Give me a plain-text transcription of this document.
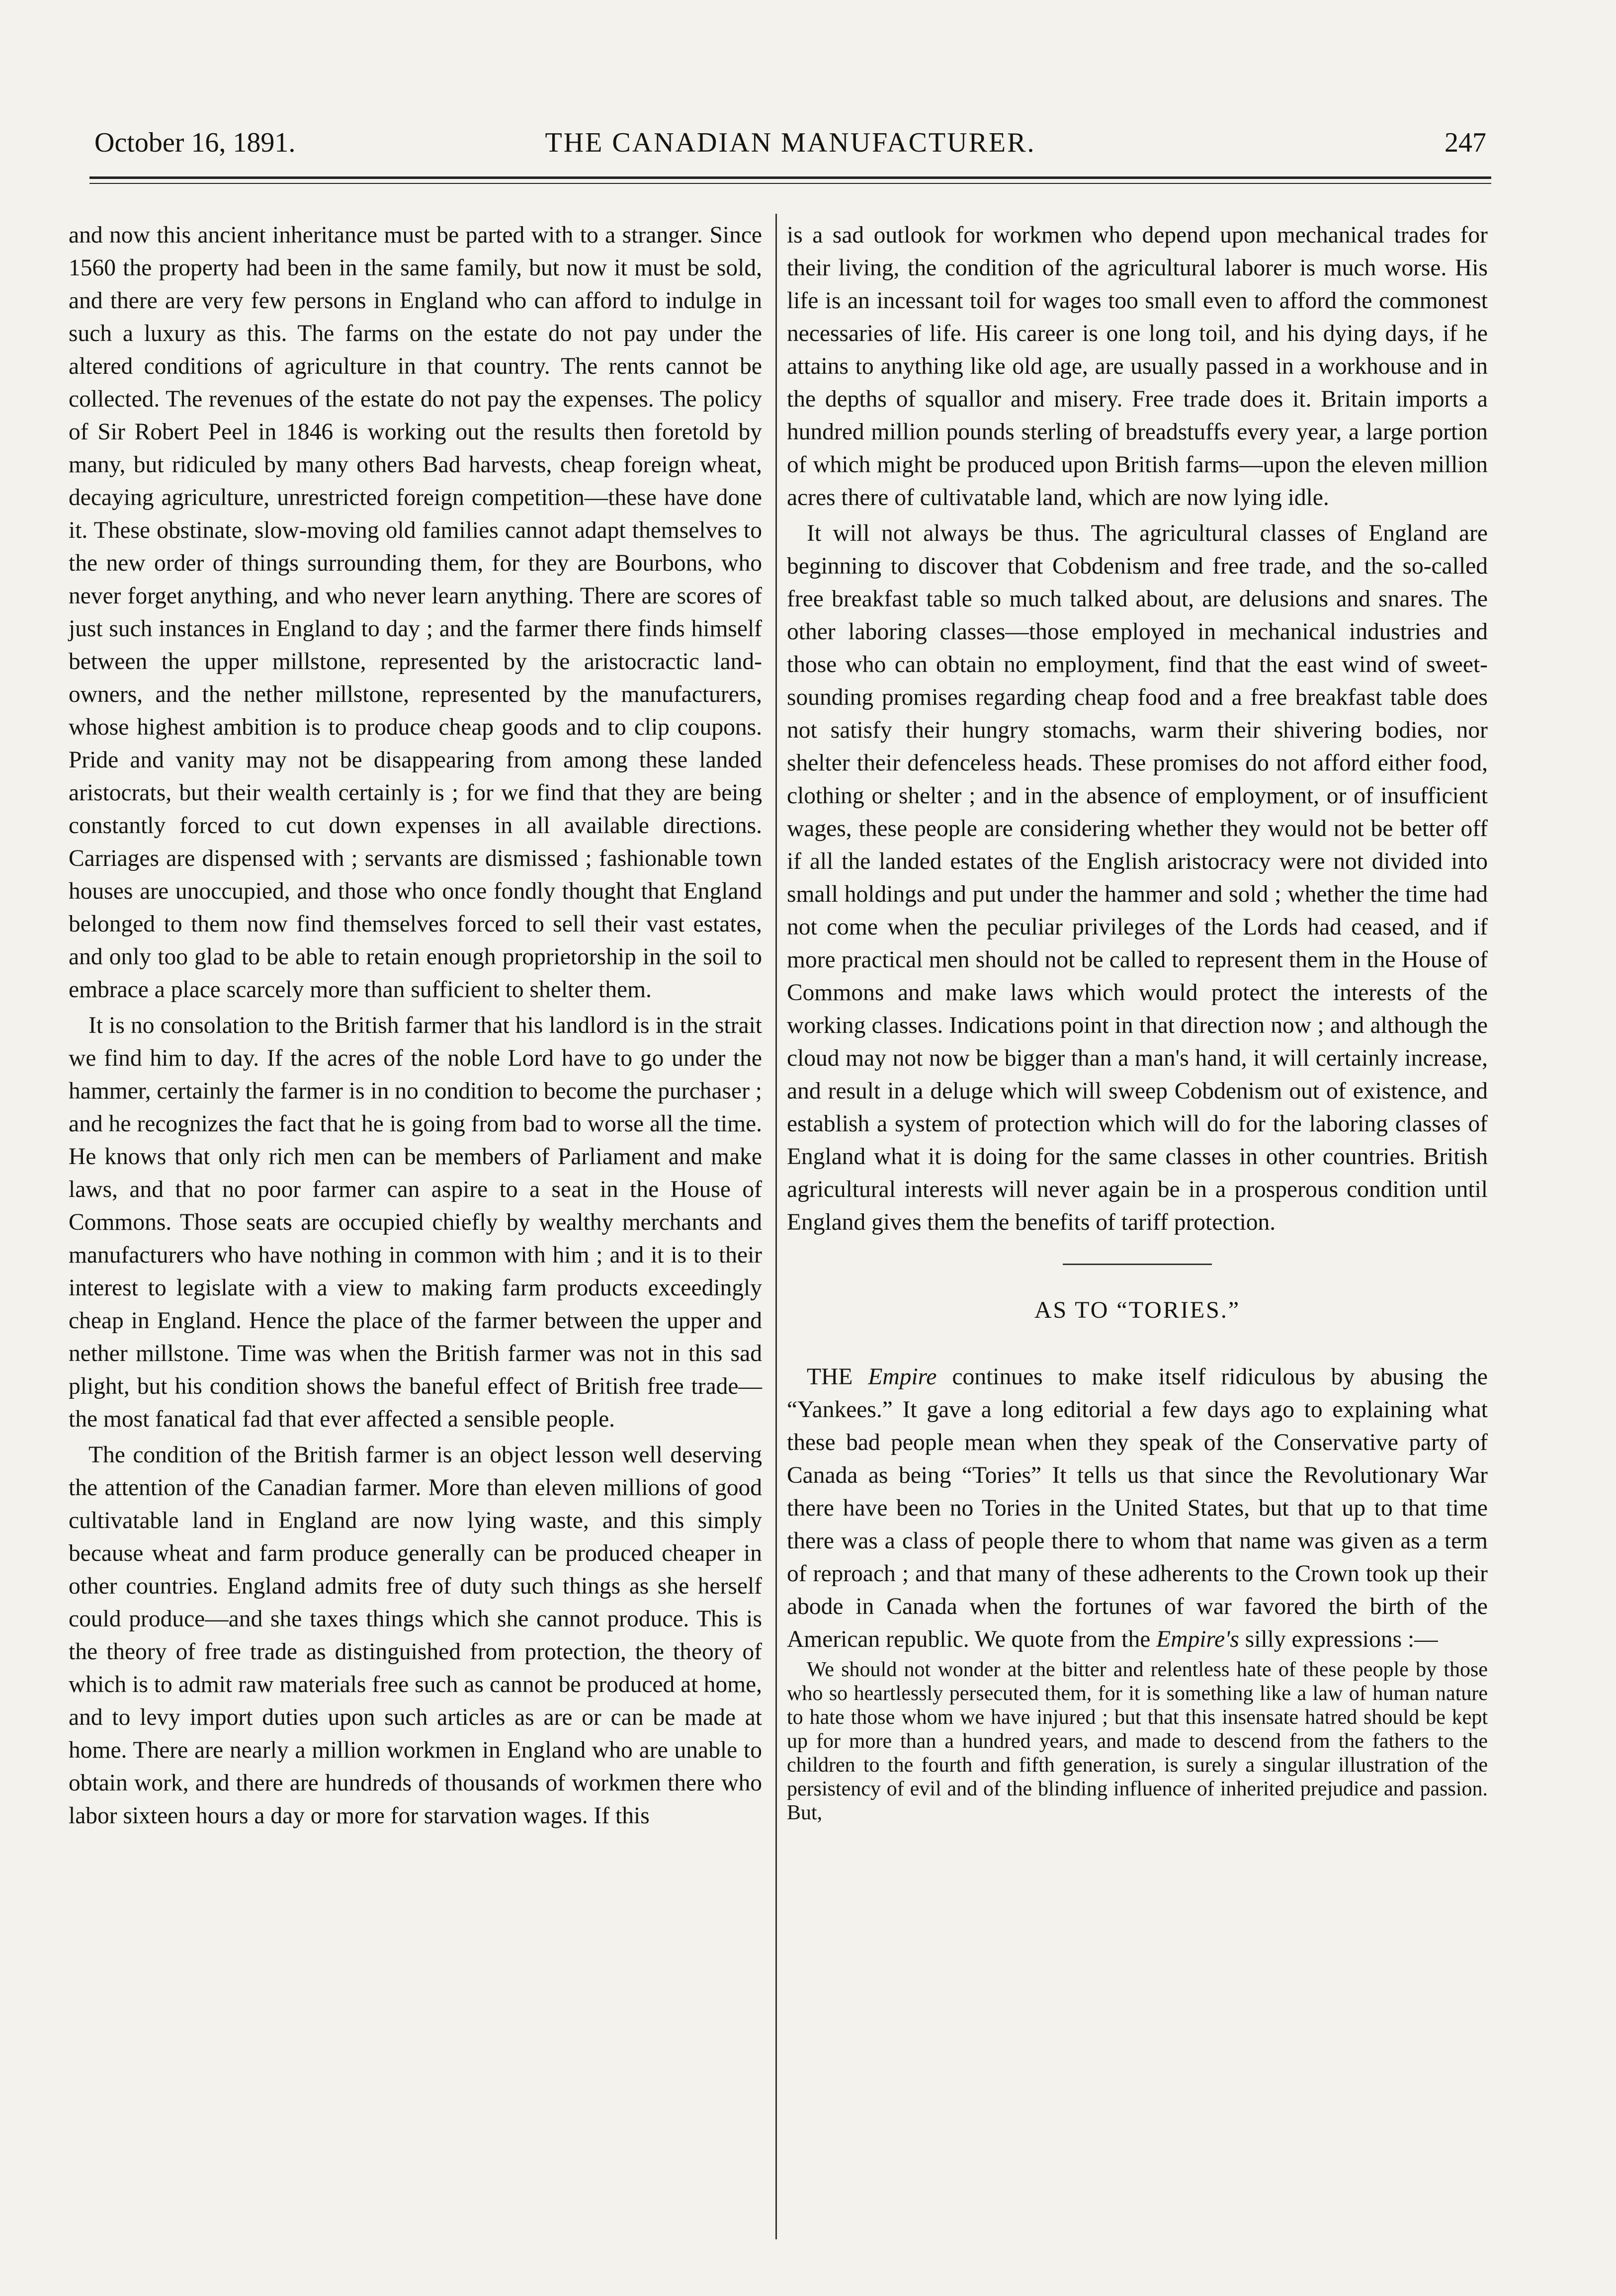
October 16, 1891.	THE CANADIAN MANUFACTURER.	247

and now this ancient inheritance must be parted with to a stranger. Since 1560 the property had been in the same family, but now it must be sold, and there are very few persons in England who can afford to indulge in such a luxury as this. The farms on the estate do not pay under the altered conditions of agriculture in that country. The rents cannot be collected. The revenues of the estate do not pay the expenses. The policy of Sir Robert Peel in 1846 is working out the results then foretold by many, but ridiculed by many others Bad harvests, cheap foreign wheat, decaying agriculture, unrestricted foreign competition—these have done it. These obstinate, slow-moving old families cannot adapt themselves to the new order of things surrounding them, for they are Bourbons, who never forget anything, and who never learn anything. There are scores of just such instances in England to day ; and the farmer there finds himself between the upper millstone, represented by the aristocractic land-owners, and the nether millstone, represented by the manufacturers, whose highest ambition is to produce cheap goods and to clip coupons. Pride and vanity may not be disappearing from among these landed aristocrats, but their wealth certainly is ; for we find that they are being constantly forced to cut down expenses in all available directions. Carriages are dispensed with ; servants are dismissed ; fashionable town houses are unoccupied, and those who once fondly thought that England belonged to them now find themselves forced to sell their vast estates, and only too glad to be able to retain enough proprietorship in the soil to embrace a place scarcely more than sufficient to shelter them.

It is no consolation to the British farmer that his landlord is in the strait we find him to day. If the acres of the noble Lord have to go under the hammer, certainly the farmer is in no condition to become the purchaser ; and he recognizes the fact that he is going from bad to worse all the time. He knows that only rich men can be members of Parliament and make laws, and that no poor farmer can aspire to a seat in the House of Commons. Those seats are occupied chiefly by wealthy merchants and manufacturers who have nothing in common with him ; and it is to their interest to legislate with a view to making farm products exceedingly cheap in England. Hence the place of the farmer between the upper and nether millstone. Time was when the British farmer was not in this sad plight, but his condition shows the baneful effect of British free trade—the most fanatical fad that ever affected a sensible people.

The condition of the British farmer is an object lesson well deserving the attention of the Canadian farmer. More than eleven millions of good cultivatable land in England are now lying waste, and this simply because wheat and farm produce generally can be produced cheaper in other countries. England admits free of duty such things as she herself could produce—and she taxes things which she cannot produce. This is the theory of free trade as distinguished from protection, the theory of which is to admit raw materials free such as cannot be produced at home, and to levy import duties upon such articles as are or can be made at home. There are nearly a million workmen in England who are unable to obtain work, and there are hundreds of thousands of workmen there who labor sixteen hours a day or more for starvation wages. If this

is a sad outlook for workmen who depend upon mechanical trades for their living, the condition of the agricultural laborer is much worse. His life is an incessant toil for wages too small even to afford the commonest necessaries of life. His career is one long toil, and his dying days, if he attains to anything like old age, are usually passed in a workhouse and in the depths of squallor and misery. Free trade does it. Britain imports a hundred million pounds sterling of breadstuffs every year, a large portion of which might be produced upon British farms—upon the eleven million acres there of cultivatable land, which are now lying idle.

It will not always be thus. The agricultural classes of England are beginning to discover that Cobdenism and free trade, and the so-called free breakfast table so much talked about, are delusions and snares. The other laboring classes—those employed in mechanical industries and those who can obtain no employment, find that the east wind of sweet-sounding promises regarding cheap food and a free breakfast table does not satisfy their hungry stomachs, warm their shivering bodies, nor shelter their defenceless heads. These promises do not afford either food, clothing or shelter ; and in the absence of employment, or of insufficient wages, these people are considering whether they would not be better off if all the landed estates of the English aristocracy were not divided into small holdings and put under the hammer and sold ; whether the time had not come when the peculiar privileges of the Lords had ceased, and if more practical men should not be called to represent them in the House of Commons and make laws which would protect the interests of the working classes. Indications point in that direction now ; and although the cloud may not now be bigger than a man's hand, it will certainly increase, and result in a deluge which will sweep Cobdenism out of existence, and establish a system of protection which will do for the laboring classes of England what it is doing for the same classes in other countries. British agricultural interests will never again be in a prosperous condition until England gives them the benefits of tariff protection.

AS TO “TORIES.”

THE Empire continues to make itself ridiculous by abusing the “Yankees.” It gave a long editorial a few days ago to explaining what these bad people mean when they speak of the Conservative party of Canada as being “Tories” It tells us that since the Revolutionary War there have been no Tories in the United States, but that up to that time there was a class of people there to whom that name was given as a term of reproach ; and that many of these adherents to the Crown took up their abode in Canada when the fortunes of war favored the birth of the American republic. We quote from the Empire's silly expressions :—

We should not wonder at the bitter and relentless hate of these people by those who so heartlessly persecuted them, for it is something like a law of human nature to hate those whom we have injured ; but that this insensate hatred should be kept up for more than a hundred years, and made to descend from the fathers to the children to the fourth and fifth generation, is surely a singular illustration of the persistency of evil and of the blinding influence of inherited prejudice and passion. But,
